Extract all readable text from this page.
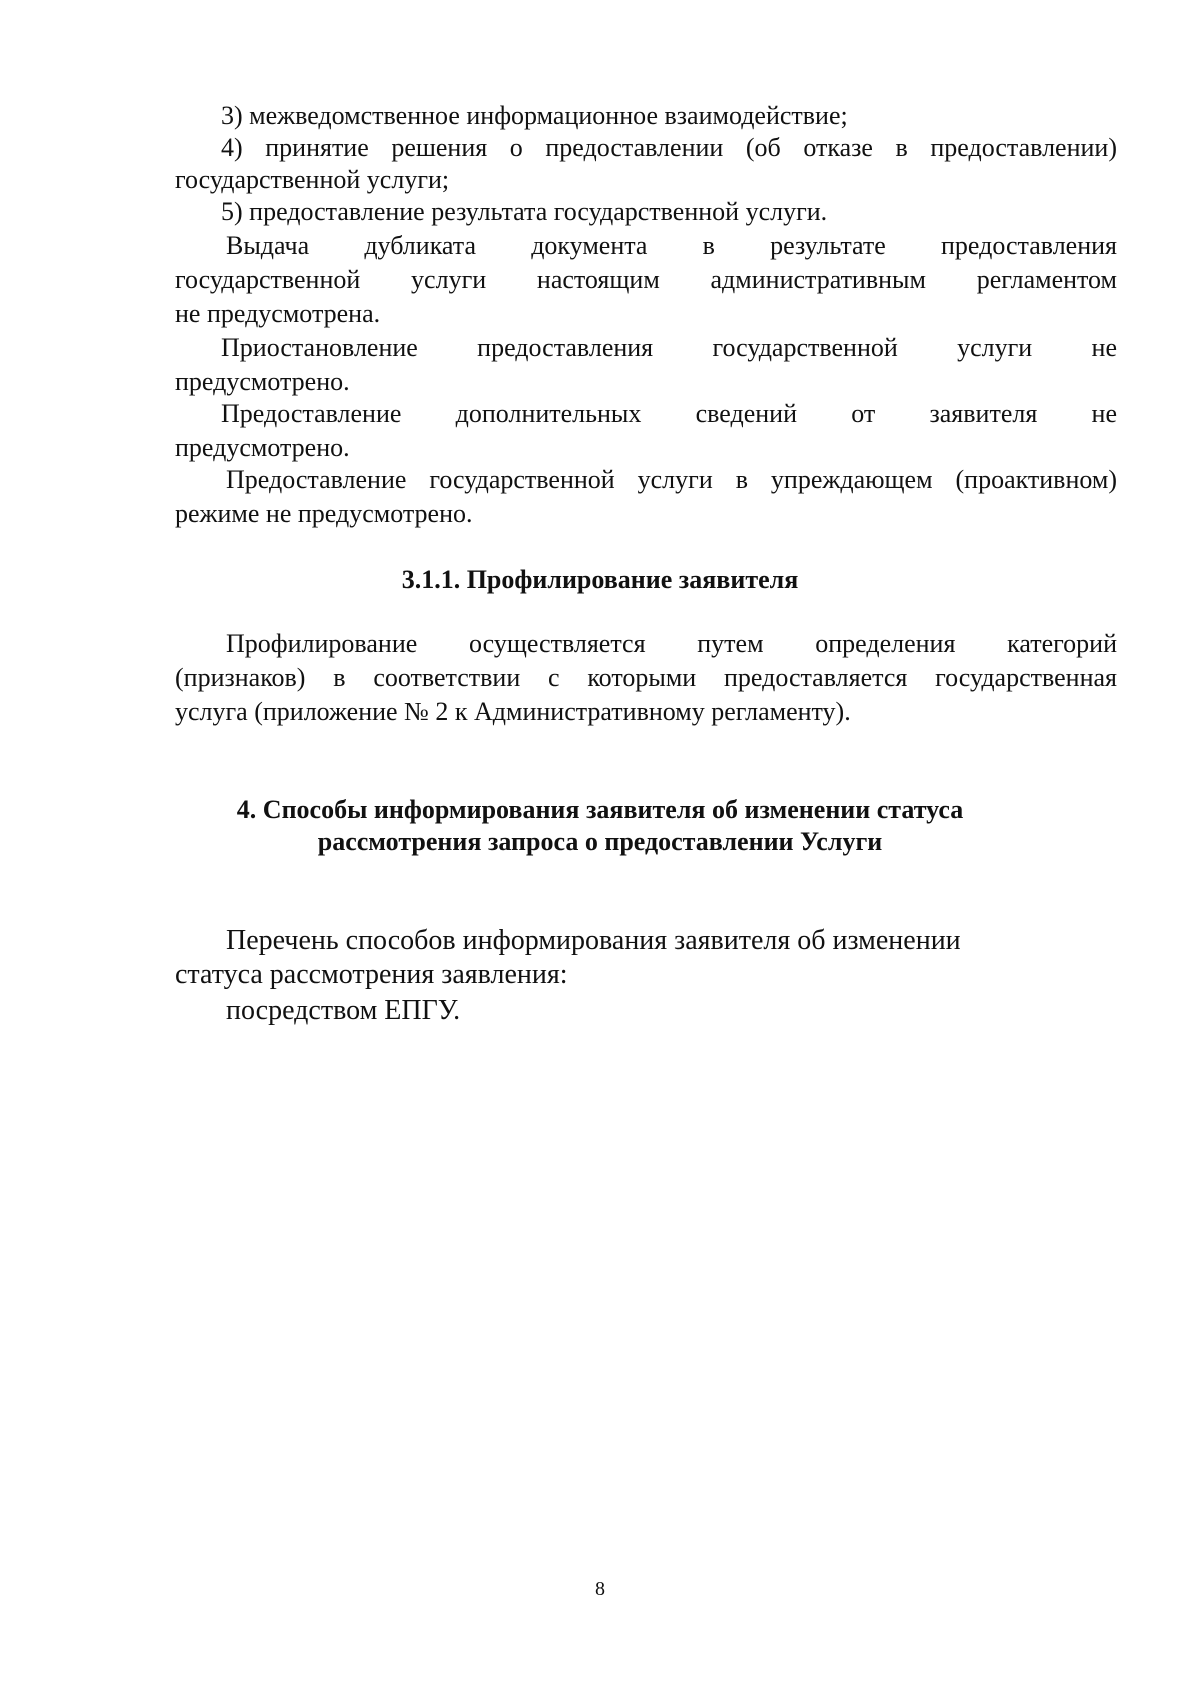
3) межведомственное информационное взаимодействие;
4) принятие решения о предоставлении (об отказе в предоставлении)
государственной услуги;
5) предоставление результата государственной услуги.
Выдача дубликата документа в результате предоставления
государственной услуги настоящим административным регламентом
не предусмотрена.
Приостановление предоставления государственной услуги не
предусмотрено.
Предоставление дополнительных сведений от заявителя не
предусмотрено.
Предоставление государственной услуги в упреждающем (проактивном)
режиме не предусмотрено.
3.1.1. Профилирование заявителя
Профилирование осуществляется путем определения категорий
(признаков) в соответствии с которыми предоставляется государственная
услуга (приложение № 2 к Административному регламенту).
4. Способы информирования заявителя об изменении статуса
рассмотрения запроса о предоставлении Услуги
Перечень способов информирования заявителя об изменении
статуса рассмотрения заявления:
посредством ЕПГУ.
8
